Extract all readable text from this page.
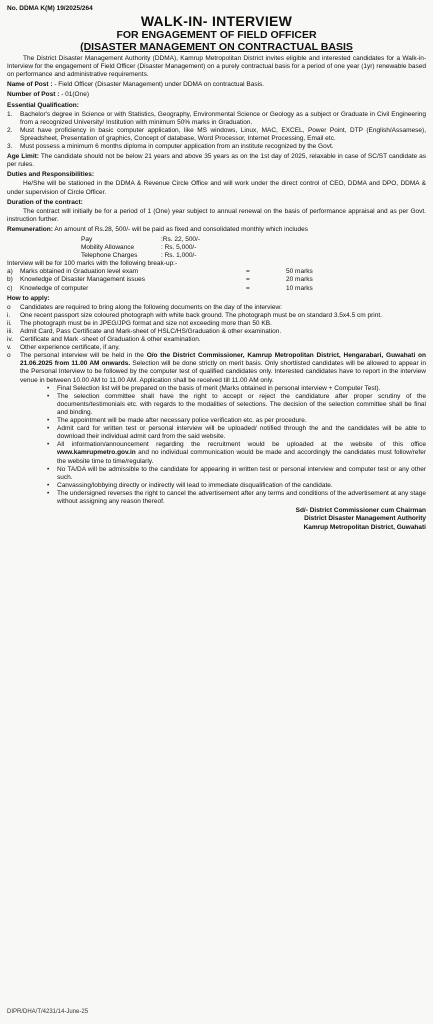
No. DDMA K(M) 19/2025/264
WALK-IN- INTERVIEW
FOR ENGAGEMENT OF FIELD OFFICER
(DISASTER MANAGEMENT ON CONTRACTUAL BASIS

The District Disaster Management Authority (DDMA), Kamrup Metropolitan District invites eligible and interested candidates for a Walk-in-Interview for the engagement of Field Officer (Disaster Management) on a purely contractual basis for a period of one year (1yr) renewable based on performance and administrative requirements.

Name of Post : - Field Officer (Disaster Management) under DDMA on contractual Basis.

Number of Post : - 01(One)

Essential Qualification:
1.	Bachelor's degree in Science or with Statistics, Geography, Environmental Science or Geology as a subject or Graduate in Civil Engineering from a recognized University/ Institution with minimum 50% marks in Graduation.
2.	Must have proficiency in basic computer application, like MS windows, Linux, MAC, EXCEL, Power Point, DTP (English/Assamese), Spreadsheet, Presentation of graphics, Concept of database, Word Processor, Internet Processing, Email etc.
3.	Must possess a minimum 6 months diploma in computer application from an institute recognized by the Govt.

Age Limit: The candidate should not be below 21 years and above 35 years as on the 1st day of 2025, relaxable in case of SC/ST candidate as per rules.

Duties and Responsibilities:

He/She will be stationed in the DDMA & Revenue Circle Office and will work under the direct control of CEO, DDMA and DPO, DDMA & under supervision of Circle Officer.

Duration of the contract:

The contract will initially be for a period of 1 (One) year subject to annual renewal on the basis of performance appraisal and as per Govt. instruction further.

Remuneration: An amount of Rs.28, 500/- will be paid as fixed and consolidated monthly which includes

Pay	:Rs. 22, 500/-
Mobility Allowance	: Rs. 5,000/-
Telephone Charges	: Rs. 1,000/-
Interview will be for 100 marks with the following break-up:-
a)	Marks obtained in Graduation level exam	=	50 marks
b)	Knowledge of Disaster Management issues	=	20 marks
c)	Knowledge of computer	=	10 marks
How to apply:
o	Candidates are required to bring along the following documents on the day of the interview:
i.	One recent passport size coloured photograph with white back ground. The photograph must be on standard 3.5x4.5 cm print.
ii.	The photograph must be in JPEG/JPG format and size not exceeding more than 50 KB.
iii.	Admit Card, Pass Certificate and Mark-sheet of HSLC/HS/Graduation & other examination.
iv.	Certificate and Mark -sheet of Graduation & other examination.
v.	Other experience certificate, if any.
o	The personal interview will be held in the O/o the District Commissioner, Kamrup Metropolitan District, Hengarabari, Guwahati on 21.06.2025 from 11.00 AM onwards. Selection will be done strictly on merit basis. Only shortlisted candidates will be allowed to appear in the Personal Interview to be followed by the computer test of qualified candidates only. Interested candidates have to report in the interview venue in between 10.00 AM to 11.00 AM. Application shall be received till 11.00 AM only.
•	Final Selection list will be prepared on the basis of merit (Marks obtained in personal interview + Computer Test).
•	The selection committee shall have the right to accept or reject the candidature after proper scrutiny of the documents/testimonials etc. with regards to the modalities of selections. The decision of the selection committee shall be final and binding.
•	The appointment will be made after necessary police verification etc. as per procedure.
•	Admit card for written test or personal interview will be uploaded/ notified through the and the candidates will be able to download their individual admit card from the said website.
•	All information/announcement regarding the recruitment would be uploaded at the website of this office www.kamrupmetro.gov.in and no individual communication would be made and accordingly the candidates must follow/refer the website time to time/regularly.
•	No TA/DA will be admissible to the candidate for appearing in written test or personal interview and computer test or any other such.
•	Canvassing/lobbying directly or indirectly will lead to immediate disqualification of the candidate.
•	The undersigned reverses the right to cancel the advertisement after any terms and conditions of the advertisement at any stage without assigning any reason thereof.
Sd/- District Commissioner cum Chairman
District Disaster Management Authority
Kamrup Metropolitan District, Guwahati
DIPR/DHA/T/4231/14-June-25
